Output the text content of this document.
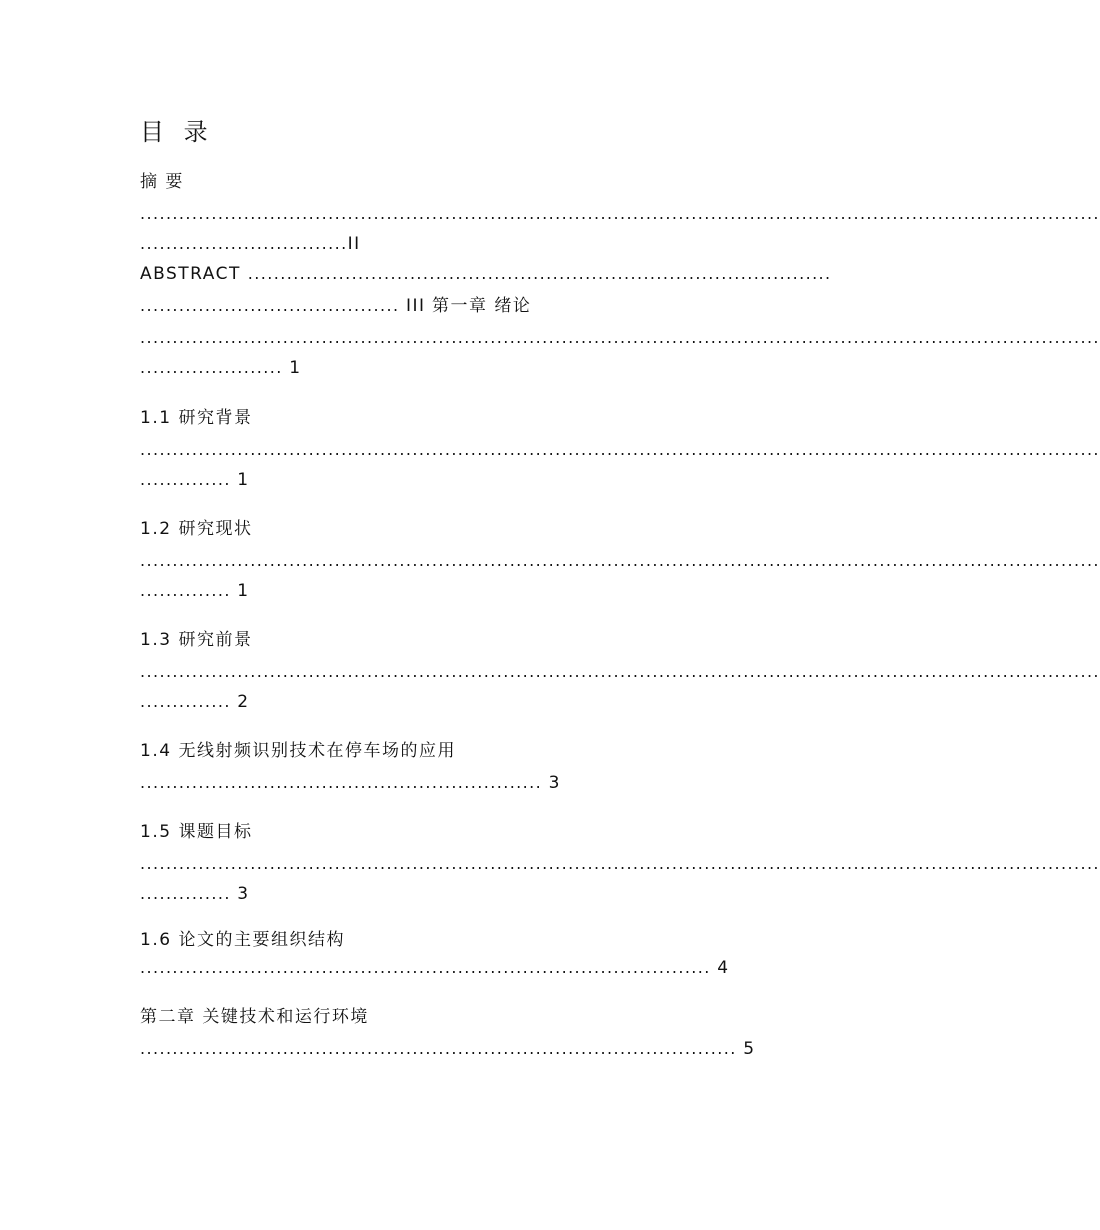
目 录
摘 要
....................................................................................................................................................
................................II
ABSTRACT ..........................................................................................
........................................ III 第一章 绪论
....................................................................................................................................................
...................... 1
1.1 研究背景
....................................................................................................................................................
.............. 1
1.2 研究现状
....................................................................................................................................................
.............. 1
1.3 研究前景
....................................................................................................................................................
.............. 2
1.4 无线射频识别技术在停车场的应用
.............................................................. 3
1.5 课题目标
....................................................................................................................................................
.............. 3
1.6 论文的主要组织结构
........................................................................................ 4
第二章 关键技术和运行环境
............................................................................................ 5
